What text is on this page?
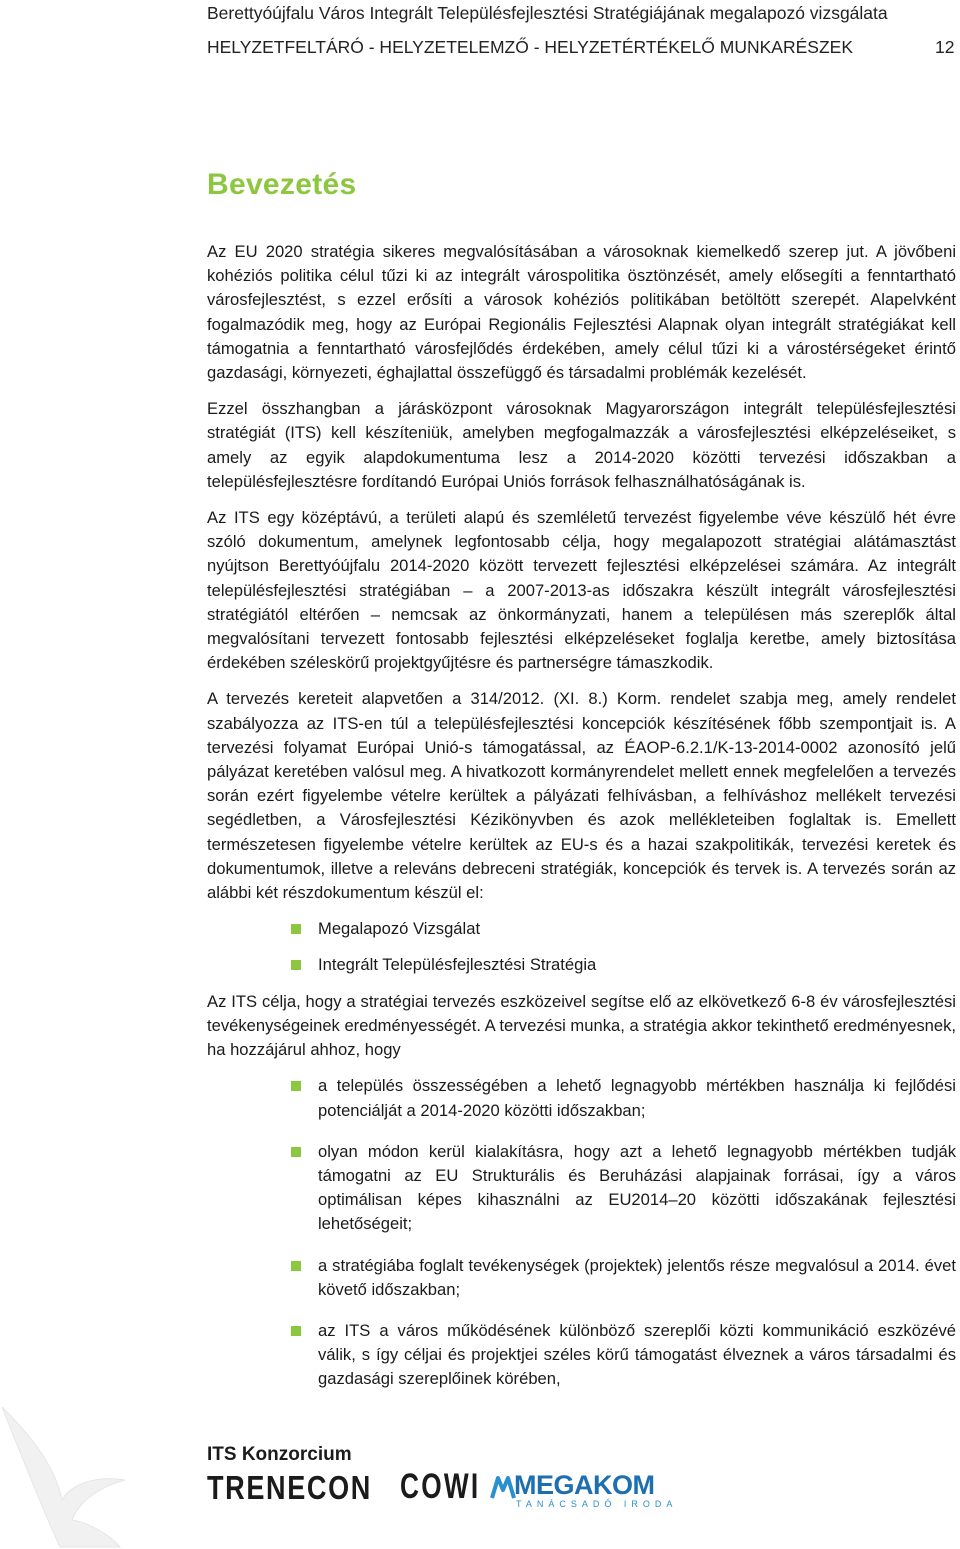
Berettyóújfalu Város Integrált Településfejlesztési Stratégiájának megalapozó vizsgálata
HELYZETFELTÁRÓ - HELYZETELEMZŐ - HELYZETÉRTÉKELŐ MUNKARÉSZEK	12
Bevezetés

Az EU 2020 stratégia sikeres megvalósításában a városoknak kiemelkedő szerep jut. A jövőbeni kohéziós politika célul tűzi ki az integrált várospolitika ösztönzését, amely elősegíti a fenntartható városfejlesztést, s ezzel erősíti a városok kohéziós politikában betöltött szerepét. Alapelvként fogalmazódik meg, hogy az Európai Regionális Fejlesztési Alapnak olyan integrált stratégiákat kell támogatnia a fenntartható városfejlődés érdekében, amely célul tűzi ki a várostérségeket érintő gazdasági, környezeti, éghajlattal összefüggő és társadalmi problémák kezelését.

Ezzel összhangban a járásközpont városoknak Magyarországon integrált településfejlesztési stratégiát (ITS) kell készíteniük, amelyben megfogalmazzák a városfejlesztési elképzeléseiket, s amely az egyik alapdokumentuma lesz a 2014-2020 közötti tervezési időszakban a településfejlesztésre fordítandó Európai Uniós források felhasználhatóságának is.

Az ITS egy középtávú, a területi alapú és szemléletű tervezést figyelembe véve készülő hét évre szóló dokumentum, amelynek legfontosabb célja, hogy megalapozott stratégiai alátámasztást nyújtson Berettyóújfalu 2014-2020 között tervezett fejlesztési elképzelései számára. Az integrált településfejlesztési stratégiában – a 2007-2013-as időszakra készült integrált városfejlesztési stratégiától eltérően – nemcsak az önkormányzati, hanem a településen más szereplők által megvalósítani tervezett fontosabb fejlesztési elképzeléseket foglalja keretbe, amely biztosítása érdekében széleskörű projektgyűjtésre és partnerségre támaszkodik.

A tervezés kereteit alapvetően a 314/2012. (XI. 8.) Korm. rendelet szabja meg, amely rendelet szabályozza az ITS-en túl a településfejlesztési koncepciók készítésének főbb szempontjait is. A tervezési folyamat Európai Unió-s támogatással, az ÉAOP-6.2.1/K-13-2014-0002 azonosító jelű pályázat keretében valósul meg. A hivatkozott kormányrendelet mellett ennek megfelelően a tervezés során ezért figyelembe vételre kerültek a pályázati felhívásban, a felhíváshoz mellékelt tervezési segédletben, a Városfejlesztési Kézikönyvben és azok mellékleteiben foglaltak is. Emellett természetesen figyelembe vételre kerültek az EU-s és a hazai szakpolitikák, tervezési keretek és dokumentumok, illetve a releváns debreceni stratégiák, koncepciók és tervek is. A tervezés során az alábbi két részdokumentum készül el:

Megalapozó Vizsgálat
Integrált Településfejlesztési Stratégia

Az ITS célja, hogy a stratégiai tervezés eszközeivel segítse elő az elkövetkező 6-8 év városfejlesztési tevékenységeinek eredményességét. A tervezési munka, a stratégia akkor tekinthető eredményesnek, ha hozzájárul ahhoz, hogy

a település összességében a lehető legnagyobb mértékben használja ki fejlődési potenciálját a 2014-2020 közötti időszakban;
olyan módon kerül kialakításra, hogy azt a lehető legnagyobb mértékben tudják támogatni az EU Strukturális és Beruházási alapjainak forrásai, így a város optimálisan képes kihasználni az EU2014–20 közötti időszakának fejlesztési lehetőségeit;
a stratégiába foglalt tevékenységek (projektek) jelentős része megvalósul a 2014. évet követő időszakban;
az ITS a város működésének különböző szereplői közti kommunikáció eszközévé válik, s így céljai és projektjei széles körű támogatást élveznek a város társadalmi és gazdasági szereplőinek körében,
ITS Konzorcium
TRENECON COWI MEGAKOM
TANÁCSADÓ IRODA
